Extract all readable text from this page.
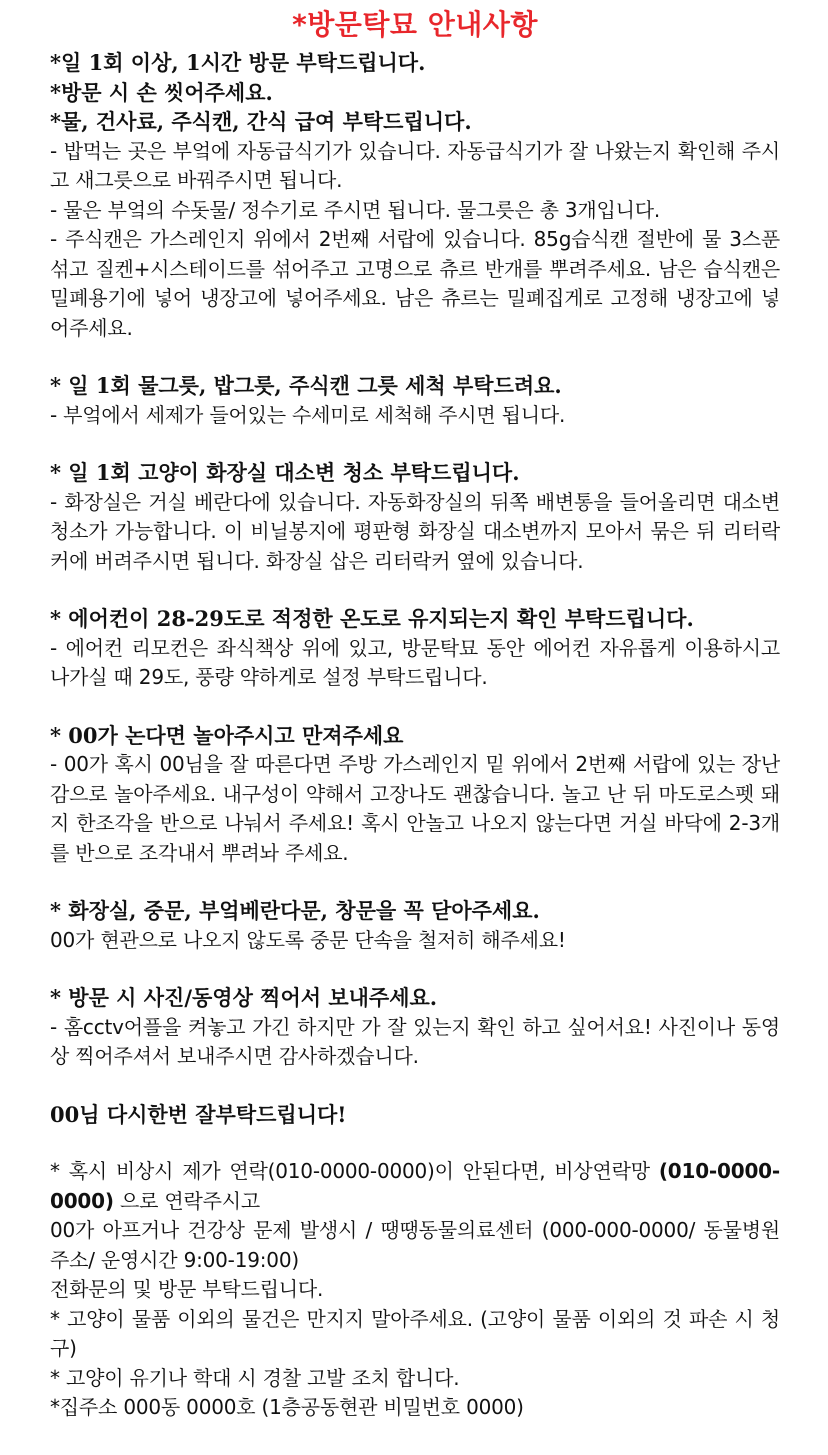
*방문탁묘 안내사항

*일 1회 이상, 1시간 방문 부탁드립니다.

*방문 시 손 씻어주세요.

*물, 건사료, 주식캔, 간식 급여 부탁드립니다.

- 밥먹는 곳은 부엌에 자동급식기가 있습니다. 자동급식기가 잘 나왔는지 확인해 주시고 새그릇으로 바꿔주시면 됩니다.

- 물은 부엌의 수돗물/ 정수기로 주시면 됩니다. 물그릇은 총 3개입니다.

- 주식캔은 가스레인지 위에서 2번째 서랍에 있습니다. 85g습식캔 절반에 물 3스푼 섞고 질켄+시스테이드를 섞어주고 고명으로 츄르 반개를 뿌려주세요. 남은 습식캔은 밀폐용기에 넣어 냉장고에 넣어주세요. 남은 츄르는 밀폐집게로 고정해 냉장고에 넣어주세요.

* 일 1회 물그릇, 밥그릇, 주식캔 그릇 세척 부탁드려요.

- 부엌에서 세제가 들어있는 수세미로 세척해 주시면 됩니다.

* 일 1회 고양이 화장실 대소변 청소 부탁드립니다.

- 화장실은 거실 베란다에 있습니다. 자동화장실의 뒤쪽 배변통을 들어올리면 대소변 청소가 가능합니다. 이 비닐봉지에 평판형 화장실 대소변까지 모아서 묶은 뒤 리터락커에 버려주시면 됩니다. 화장실 삽은 리터락커 옆에 있습니다.

* 에어컨이 28-29도로 적정한 온도로 유지되는지 확인 부탁드립니다.

- 에어컨 리모컨은 좌식책상 위에 있고, 방문탁묘 동안 에어컨 자유롭게 이용하시고 나가실 때 29도, 풍량 약하게로 설정 부탁드립니다.

* 00가 논다면 놀아주시고 만져주세요

- 00가 혹시 00님을 잘 따른다면 주방 가스레인지 밑 위에서 2번째 서랍에 있는 장난감으로 놀아주세요. 내구성이 약해서 고장나도 괜찮습니다. 놀고 난 뒤 마도로스펫 돼지 한조각을 반으로 나눠서 주세요! 혹시 안놀고 나오지 않는다면 거실 바닥에 2-3개를 반으로 조각내서 뿌려놔 주세요.

* 화장실, 중문, 부엌베란다문, 창문을 꼭 닫아주세요.

00가 현관으로 나오지 않도록 중문 단속을 철저히 해주세요!

* 방문 시 사진/동영상 찍어서 보내주세요.

- 홈cctv어플을 켜놓고 가긴 하지만 가 잘 있는지 확인 하고 싶어서요! 사진이나 동영상 찍어주셔서 보내주시면 감사하겠습니다.

00님 다시한번 잘부탁드립니다!

* 혹시 비상시 제가 연락(010-0000-0000)이 안된다면, 비상연락망 (010-0000-0000) 으로 연락주시고

00가 아프거나 건강상 문제 발생시 / 땡땡동물의료센터 (000-000-0000/ 동물병원주소/ 운영시간 9:00-19:00)

전화문의 및 방문 부탁드립니다.

* 고양이 물품 이외의 물건은 만지지 말아주세요. (고양이 물품 이외의 것 파손 시 청구)

* 고양이 유기나 학대 시 경찰 고발 조치 합니다.

*집주소 000동 0000호 (1층공동현관 비밀번호 0000)
